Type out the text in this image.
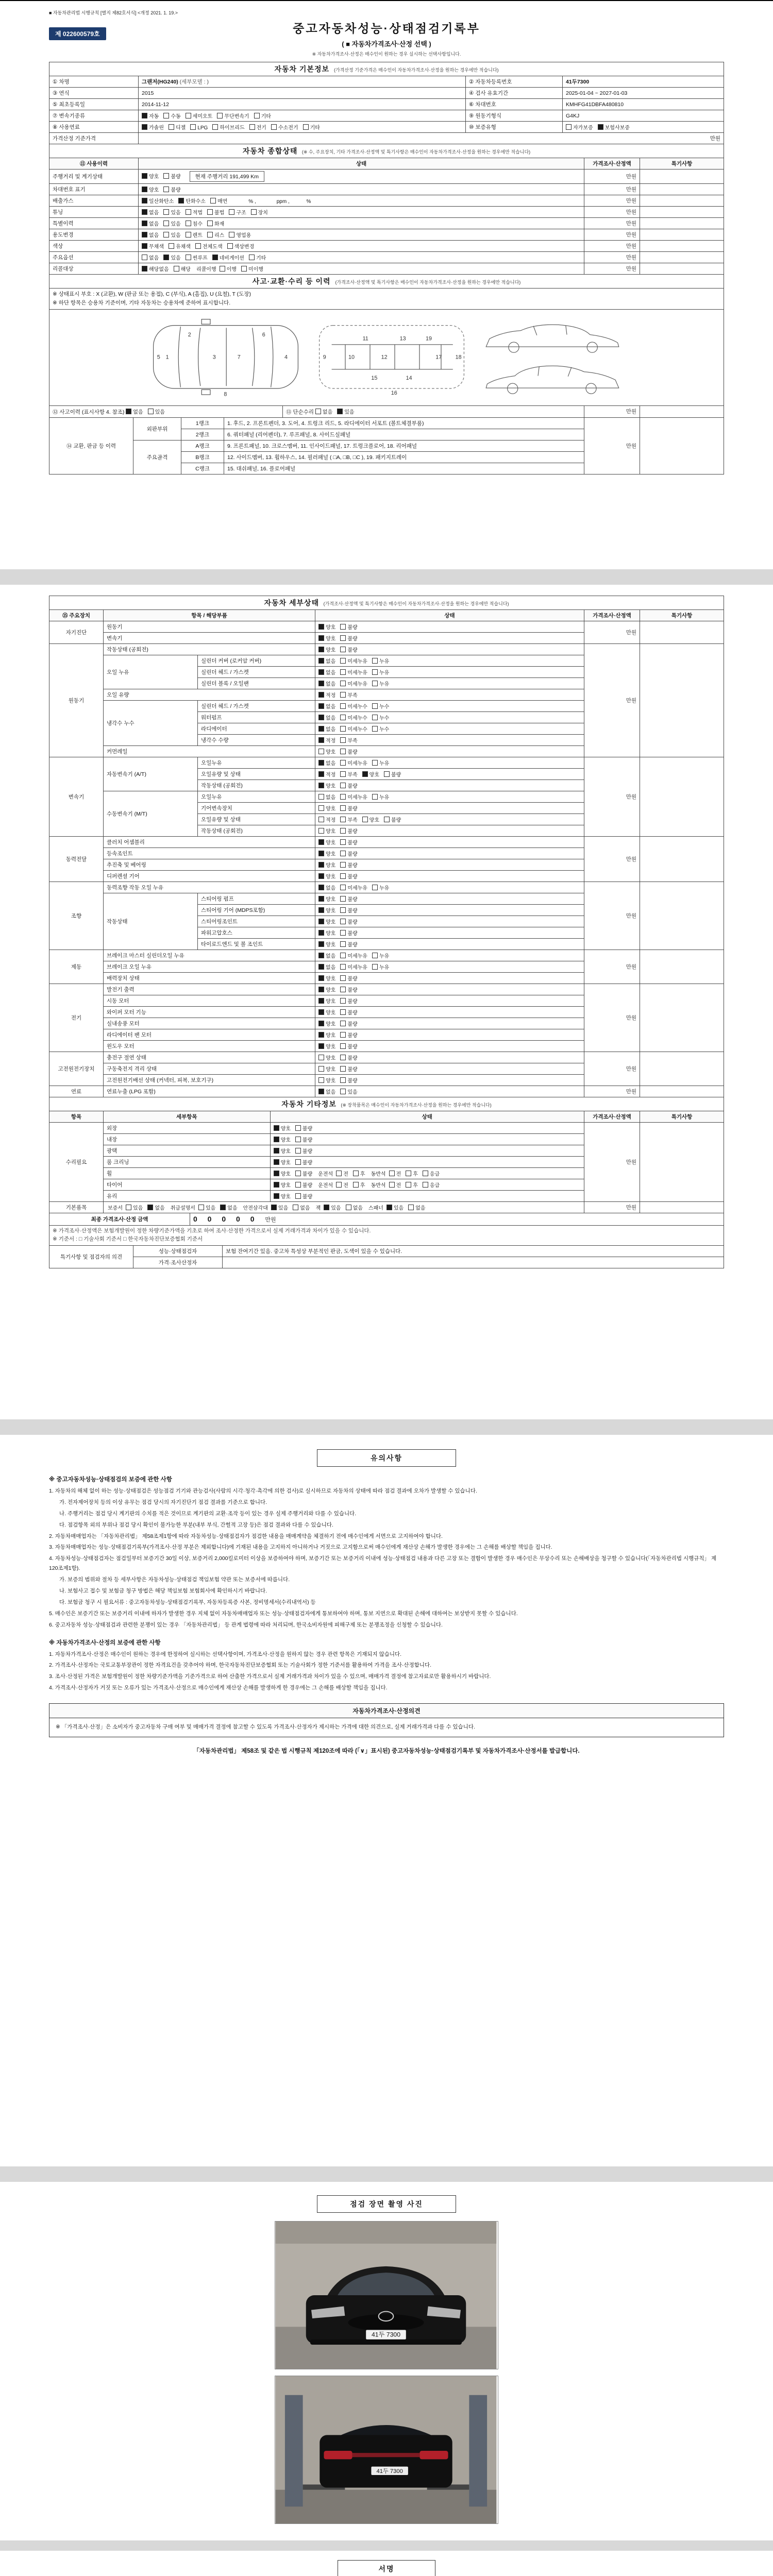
■ 자동차관리법 시행규칙 [별지 제82호서식] <개정 2021. 1. 19.>
제 022600579호	중고자동차성능·상태점검기록부
( ■ 자동차가격조사·산정 선택 )
※ 자동차가격조사·산정은 매수인이 원하는 경우 실시하는 선택사항입니다.
자동차 기본정보 (가격산정 기준가격은 매수인이 자동차가격조사·산정을 원하는 경우에만 적습니다)			
① 차명	그랜저(HG240) (세부모델 : )	② 자동차등록번호	41두7300
③ 연식	2015	④ 검사 유효기간	2025-01-04 ~ 2027-01-03
⑤ 최초등록일	2014-11-12	⑥ 차대번호	KMHFG41DBFA480810
⑦ 변속기종류	자동 수동 세미오토 무단변속기 기타	⑨ 원동기형식	G4KJ
⑧ 사용연료	가솔린 디젤 LPG 하이브리드 전기 수소전기 기타	⑩ 보증유형	자가보증 보험사보증
가격산정 기준가격	만원		
자동차 종합상태 (※ 수, 주요장치, 기타 가격조사·산정액 및 특기사항은 매수인이 자동차가격조사·산정을 원하는 경우에만 적습니다)			
⑪ 사용이력	상태	가격조사·산정액	특기사항
주행거리 및 계기상태	양호 불량 현재 주행거리 191,499 Km	만원	
차대번호 표기	양호 불량	만원	
배출가스	일산화탄소 탄화수소 매연　　　% ,　　　　ppm ,　　　 %	만원	
튜닝	없음 있음 적법 불법 구조 장치	만원	
특별이력	없음 있음 침수 화재	만원	
용도변경	없음 있음 렌트 리스 영업용	만원	
색상	무채색 유채색 전체도색 색상변경	만원	
주요옵션	없음 있음 썬루프 네비게이션 기타	만원	
리콜대상	해당없음 해당 리콜이행 이행 미이행	만원	
사고·교환·수리 등 이력 (가격조사·산정액 및 특기사항은 매수인이 자동차가격조사·산정을 원하는 경우에만 적습니다)

※ 상태표시 부호 : X (교환), W (판금 또는 용접), C (부식), A (흠집), U (요철), T (도장)
※ 하단 항목은 승용차 기준이며, 기타 자동차는 승용차에 준하여 표시합니다.

1
2
3	4
5
6
7
8
9	10
11
12
13
14
15
16
17	18
19

⑫ 사고이력 (표시사항 4. 참조) 없음 있음	⑬ 단순수리 없음 있음	만원	
⑭ 교환, 판금 등 이력	외판부위	1랭크	1. 후드, 2. 프론트펜더, 3. 도어, 4. 트렁크 리드, 5. 라디에이터 서포트 (볼트체결부품)	만원	
		2랭크	6. 쿼터패널 (리어펜더), 7. 루프패널, 8. 사이드실패널		
	주요골격	A랭크	9. 프론트패널, 10. 크로스멤버, 11. 인사이드패널, 17. 트렁크플로어, 18. 리어패널		
		B랭크	12. 사이드멤버, 13. 휠하우스, 14. 필러패널 ( □A, □B, □C ), 19. 패키지트레이		
		C랭크	15. 대쉬패널, 16. 플로어패널		
자동차 세부상태 (가격조사·산정액 및 특기사항은 매수인이 자동차가격조사·산정을 원하는 경우에만 적습니다)					
⑮ 주요장치	항목 / 해당부품		상태	가격조사·산정액	특기사항
자기진단	원동기		양호 불량	만원	
	변속기		양호 불량		
원동기	작동상태 (공회전)		양호 불량	만원	
	오일 누유	실린더 커버 (로커암 커버)	없음 미세누유 누유		
		실린더 헤드 / 가스켓	없음 미세누유 누유		
		실린더 블록 / 오일팬	없음 미세누유 누유		
	오일 유량		적정 부족		
	냉각수 누수	실린더 헤드 / 가스켓	없음 미세누수 누수		
		워터펌프	없음 미세누수 누수		
		라디에이터	없음 미세누수 누수		
		냉각수 수량	적정 부족		
	커먼레일		양호 불량		
변속기	자동변속기 (A/T)	오일누유	없음 미세누유 누유	만원	
		오일유량 및 상태	적정 부족 양호 불량		
		작동상태 (공회전)	양호 불량		
	수동변속기 (M/T)	오일누유	없음 미세누유 누유		
		기어변속장치	양호 불량		
		오일유량 및 상태	적정 부족 양호 불량		
		작동상태 (공회전)	양호 불량		
동력전달	클러치 어셈블리		양호 불량	만원	
	등속조인트		양호 불량		
	추진축 및 베어링		양호 불량		
	디퍼렌셜 기어		양호 불량		
조향	동력조향 작동 오일 누유		없음 미세누유 누유	만원	
	작동상태	스티어링 펌프	양호 불량		
		스티어링 기어 (MDPS포함)	양호 불량		
		스티어링조인트	양호 불량		
		파워고압호스	양호 불량		
		타이로드엔드 및 볼 조인트	양호 불량		
제동	브레이크 마스터 실린더오일 누유		없음 미세누유 누유	만원	
	브레이크 오일 누유		없음 미세누유 누유		
	배력장치 상태		양호 불량		
전기	발전기 출력		양호 불량	만원	
	시동 모터		양호 불량		
	와이퍼 모터 기능		양호 불량		
	실내송풍 모터		양호 불량		
	라디에이터 팬 모터		양호 불량		
	윈도우 모터		양호 불량		
고전원전기장치	충전구 절연 상태		양호 불량	만원	
	구동축전지 격리 상태		양호 불량		
	고전원전기배선 상태 (커넥터, 피복, 보호기구)		양호 불량		
연료	연료누출 (LPG 포함)		없음 있음	만원	
자동차 기타정보 (※ 장착품목은 매수인이 자동차가격조사·산정을 원하는 경우에만 적습니다)				
항목	세부항목	상태	가격조사·산정액	특기사항
수리필요	외장	양호 불량	만원	
	내장	양호 불량		
	광택	양호 불량		
	룸 크리닝	양호 불량		
	휠	양호 불량 운전석 전 후 동반석 전 후 응급		
	타이어	양호 불량 운전석 전 후 동반석 전 후 응급		
	유리	양호 불량		
기본품목	보증서 있음 없음 취급설명서 있음 없음 안전삼각대 있음 없음 잭 있음 없음 스패너 있음 없음		만원	
최종 가격조사·산정 금액	0 0 0 0 0 만원

※ 가격조사·산정액은 보험개발원이 정한 차량기준가액을 기초로 하여 조사·산정한 가격으로서 실제 거래가격과 차이가 있을 수 있습니다.
※ 기준서 : □ 기술사회 기준서 □ 한국자동차진단보증협회 기준서
특기사항 및 점검자의 의견	성능·상태점검자	보험 잔여기간 있음. 중고차 특성상 부분적인 판금, 도색이 있을 수 있습니다.
	가격·조사산정자	
유의사항
※ 중고자동차성능·상태점검의 보증에 관한 사항
1. 자동차의 해체 없이 하는 성능·상태점검은 성능점검 기기와 관능검사(사람의 시각·청각·촉각에 의한 검사)로 실시하므로 자동차의 상태에 따라 점검 결과에 오차가 발생할 수 있습니다.
가. 전자제어장치 등의 이상 유무는 점검 당시의 자기진단기 점검 결과를 기준으로 합니다.
나. 주행거리는 점검 당시 계기판의 수치를 적은 것이므로 계기판의 교환·조작 등이 있는 경우 실제 주행거리와 다를 수 있습니다.
다. 점검항목 외의 부위나 점검 당시 확인이 불가능한 부분(내부 부식, 간헐적 고장 등)은 점검 결과와 다를 수 있습니다.
2. 자동차매매업자는 「자동차관리법」 제58조제1항에 따라 자동차성능·상태점검자가 점검한 내용을 매매계약을 체결하기 전에 매수인에게 서면으로 고지하여야 합니다.
3. 자동차매매업자는 성능·상태점검기록부(가격조사·산정 부분은 제외합니다)에 기재된 내용을 고지하지 아니하거나 거짓으로 고지함으로써 매수인에게 재산상 손해가 발생한 경우에는 그 손해를 배상할 책임을 집니다.
4. 자동차성능·상태점검자는 점검일부터 보증기간 30일 이상, 보증거리 2,000킬로미터 이상을 보증하여야 하며, 보증기간 또는 보증거리 이내에 성능·상태점검 내용과 다른 고장 또는 결함이 발생한 경우 매수인은 무상수리 또는 손해배상을 청구할 수 있습니다(「자동차관리법 시행규칙」 제120조제1항).
가. 보증의 범위와 절차 등 세부사항은 자동차성능·상태점검 책임보험 약관 또는 보증서에 따릅니다.
나. 보험사고 접수 및 보험금 청구 방법은 해당 책임보험 보험회사에 확인하시기 바랍니다.
다. 보험금 청구 시 필요서류 : 중고자동차성능·상태점검기록부, 자동차등록증 사본, 정비명세서(수리내역서) 등
5. 매수인은 보증기간 또는 보증거리 이내에 하자가 발생한 경우 지체 없이 자동차매매업자 또는 성능·상태점검자에게 통보하여야 하며, 통보 지연으로 확대된 손해에 대하여는 보상받지 못할 수 있습니다.
6. 중고자동차 성능·상태점검과 관련한 분쟁이 있는 경우 「자동차관리법」 등 관계 법령에 따라 처리되며, 한국소비자원에 피해구제 또는 분쟁조정을 신청할 수 있습니다.
※ 자동차가격조사·산정의 보증에 관한 사항
1. 자동차가격조사·산정은 매수인이 원하는 경우에 한정하여 실시하는 선택사항이며, 가격조사·산정을 원하지 않는 경우 관련 항목은 기재되지 않습니다.
2. 가격조사·산정자는 국토교통부장관이 정한 자격요건을 갖추어야 하며, 한국자동차진단보증협회 또는 기술사회가 정한 기준서를 활용하여 가격을 조사·산정합니다.
3. 조사·산정된 가격은 보험개발원이 정한 차량기준가액을 기준가격으로 하여 산출한 가격으로서 실제 거래가격과 차이가 있을 수 있으며, 매매가격 결정에 참고자료로만 활용하시기 바랍니다.
4. 가격조사·산정자가 거짓 또는 오류가 있는 가격조사·산정으로 매수인에게 재산상 손해를 발생하게 한 경우에는 그 손해를 배상할 책임을 집니다.
자동차가격조사·산정의견
※ 「가격조사·산정」은 소비자가 중고자동차 구매 여부 및 매매가격 결정에 참고할 수 있도록 가격조사·산정자가 제시하는 가격에 대한 의견으로, 실제 거래가격과 다를 수 있습니다.
「자동차관리법」 제58조 및 같은 법 시행규칙 제120조에 따라 (「∨」표시된) 중고자동차성능·상태점검기록부 및 자동차가격조사·산정서를 발급합니다.
점검 장면 촬영 사진
41두 7300
41두 7300
서명
